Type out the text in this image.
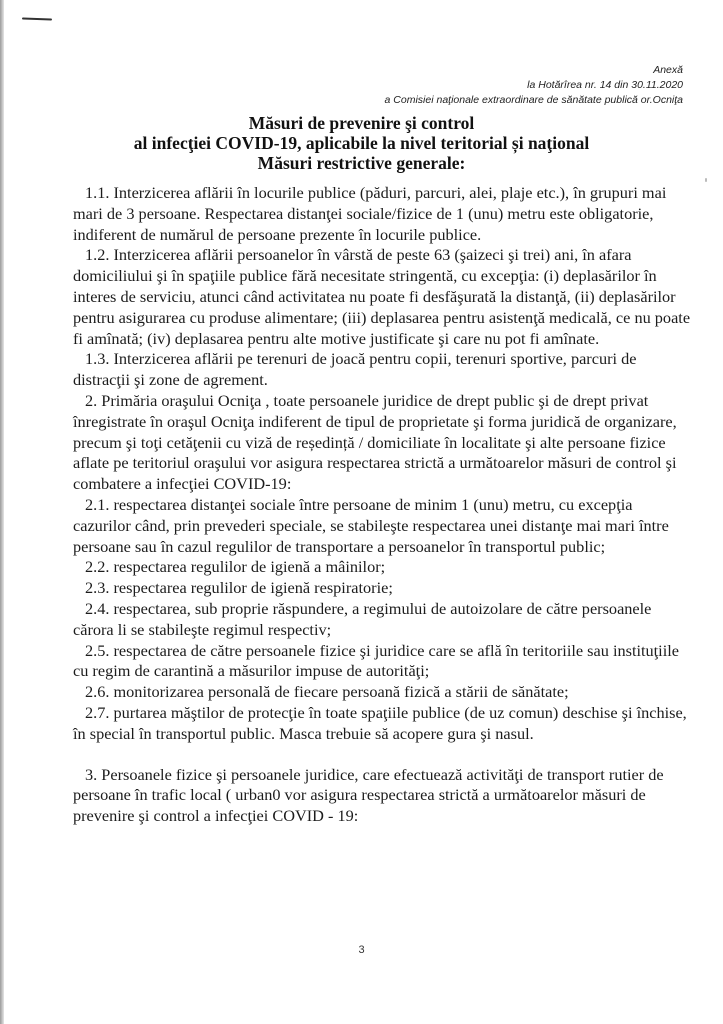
Anexă
la Hotărîrea nr. 14 din 30.11.2020
a Comisiei naţionale extraordinare de sănătate publică or.Ocniţa
Măsuri de prevenire şi control
al infecţiei COVID-19, aplicabile la nivel teritorial și naţional
Măsuri restrictive generale:

1.1. Interzicerea aflării în locurile publice (păduri, parcuri, alei, plaje etc.), în grupuri mai mari de 3 persoane. Respectarea distanţei sociale/fizice de 1 (unu) metru este obligatorie, indiferent de numărul de persoane prezente în locurile publice.

1.2. Interzicerea aflării persoanelor în vârstă de peste 63 (şaizeci şi trei) ani, în afara domiciliului şi în spaţiile publice fără necesitate stringentă, cu excepţia: (i) deplasărilor în interes de serviciu, atunci când activitatea nu poate fi desfăşurată la distanţă, (ii) deplasărilor pentru asigurarea cu produse alimentare; (iii) deplasarea pentru asistenţă medicală, ce nu poate fi amînată; (iv) deplasarea pentru alte motive justificate şi care nu pot fi amînate.

1.3. Interzicerea aflării pe terenuri de joacă pentru copii, terenuri sportive, parcuri de distracţii şi zone de agrement.

2. Primăria oraşului Ocniţa , toate persoanele juridice de drept public şi de drept privat înregistrate în oraşul Ocniţa indiferent de tipul de proprietate şi forma juridică de organizare, precum şi toţi cetăţenii cu viză de reședință / domiciliate în localitate şi alte persoane fizice aflate pe teritoriul oraşului vor asigura respectarea strictă a următoarelor măsuri de control şi combatere a infecţiei COVID-19:

2.1. respectarea distanţei sociale între persoane de minim 1 (unu) metru, cu excepţia cazurilor când, prin prevederi speciale, se stabileşte respectarea unei distanţe mai mari între persoane sau în cazul regulilor de transportare a persoanelor în transportul public;

2.2. respectarea regulilor de igienă a mâinilor;

2.3. respectarea regulilor de igienă respiratorie;

2.4. respectarea, sub proprie răspundere, a regimului de autoizolare de către persoanele cărora li se stabileşte regimul respectiv;

2.5. respectarea de către persoanele fizice şi juridice care se află în teritoriile sau instituţiile cu regim de carantină a măsurilor impuse de autorităţi;

2.6. monitorizarea personală de fiecare persoană fizică a stării de sănătate;

2.7. purtarea măştilor de protecţie în toate spaţiile publice (de uz comun) deschise şi închise, în special în transportul public. Masca trebuie să acopere gura şi nasul.

3. Persoanele fizice şi persoanele juridice, care efectuează activităţi de transport rutier de persoane în trafic local ( urban0 vor asigura respectarea strictă a următoarelor măsuri de prevenire şi control a infecţiei COVID - 19:

3
